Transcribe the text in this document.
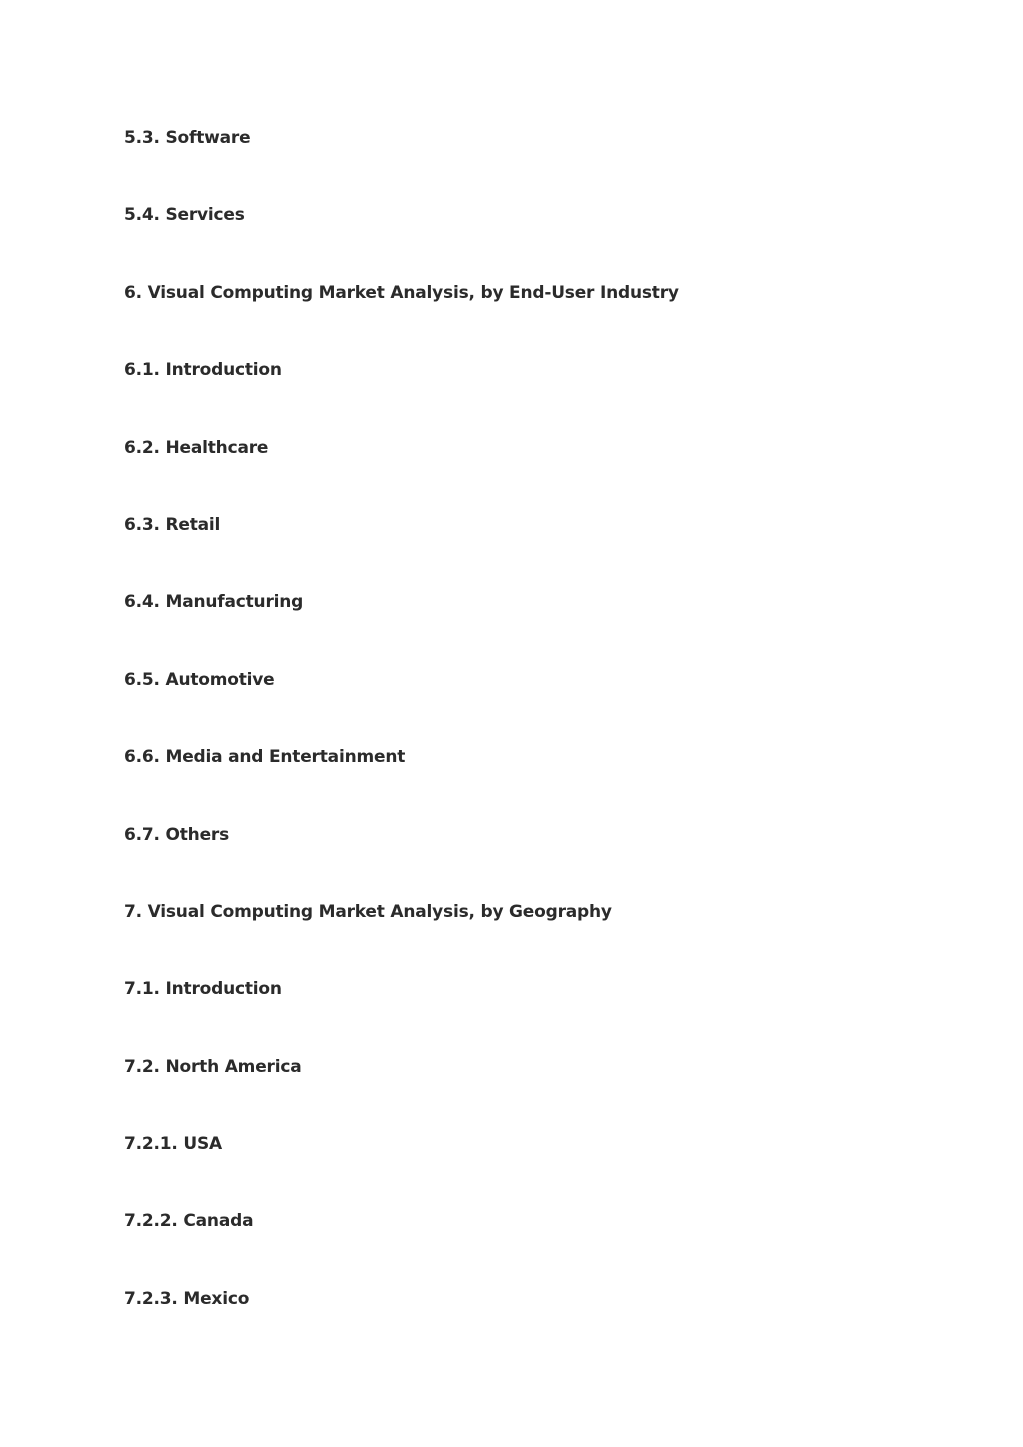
5.3. Software
5.4. Services
6. Visual Computing Market Analysis, by End-User Industry
6.1. Introduction
6.2. Healthcare
6.3. Retail
6.4. Manufacturing
6.5. Automotive
6.6. Media and Entertainment
6.7. Others
7. Visual Computing Market Analysis, by Geography
7.1. Introduction
7.2. North America
7.2.1. USA
7.2.2. Canada
7.2.3. Mexico
